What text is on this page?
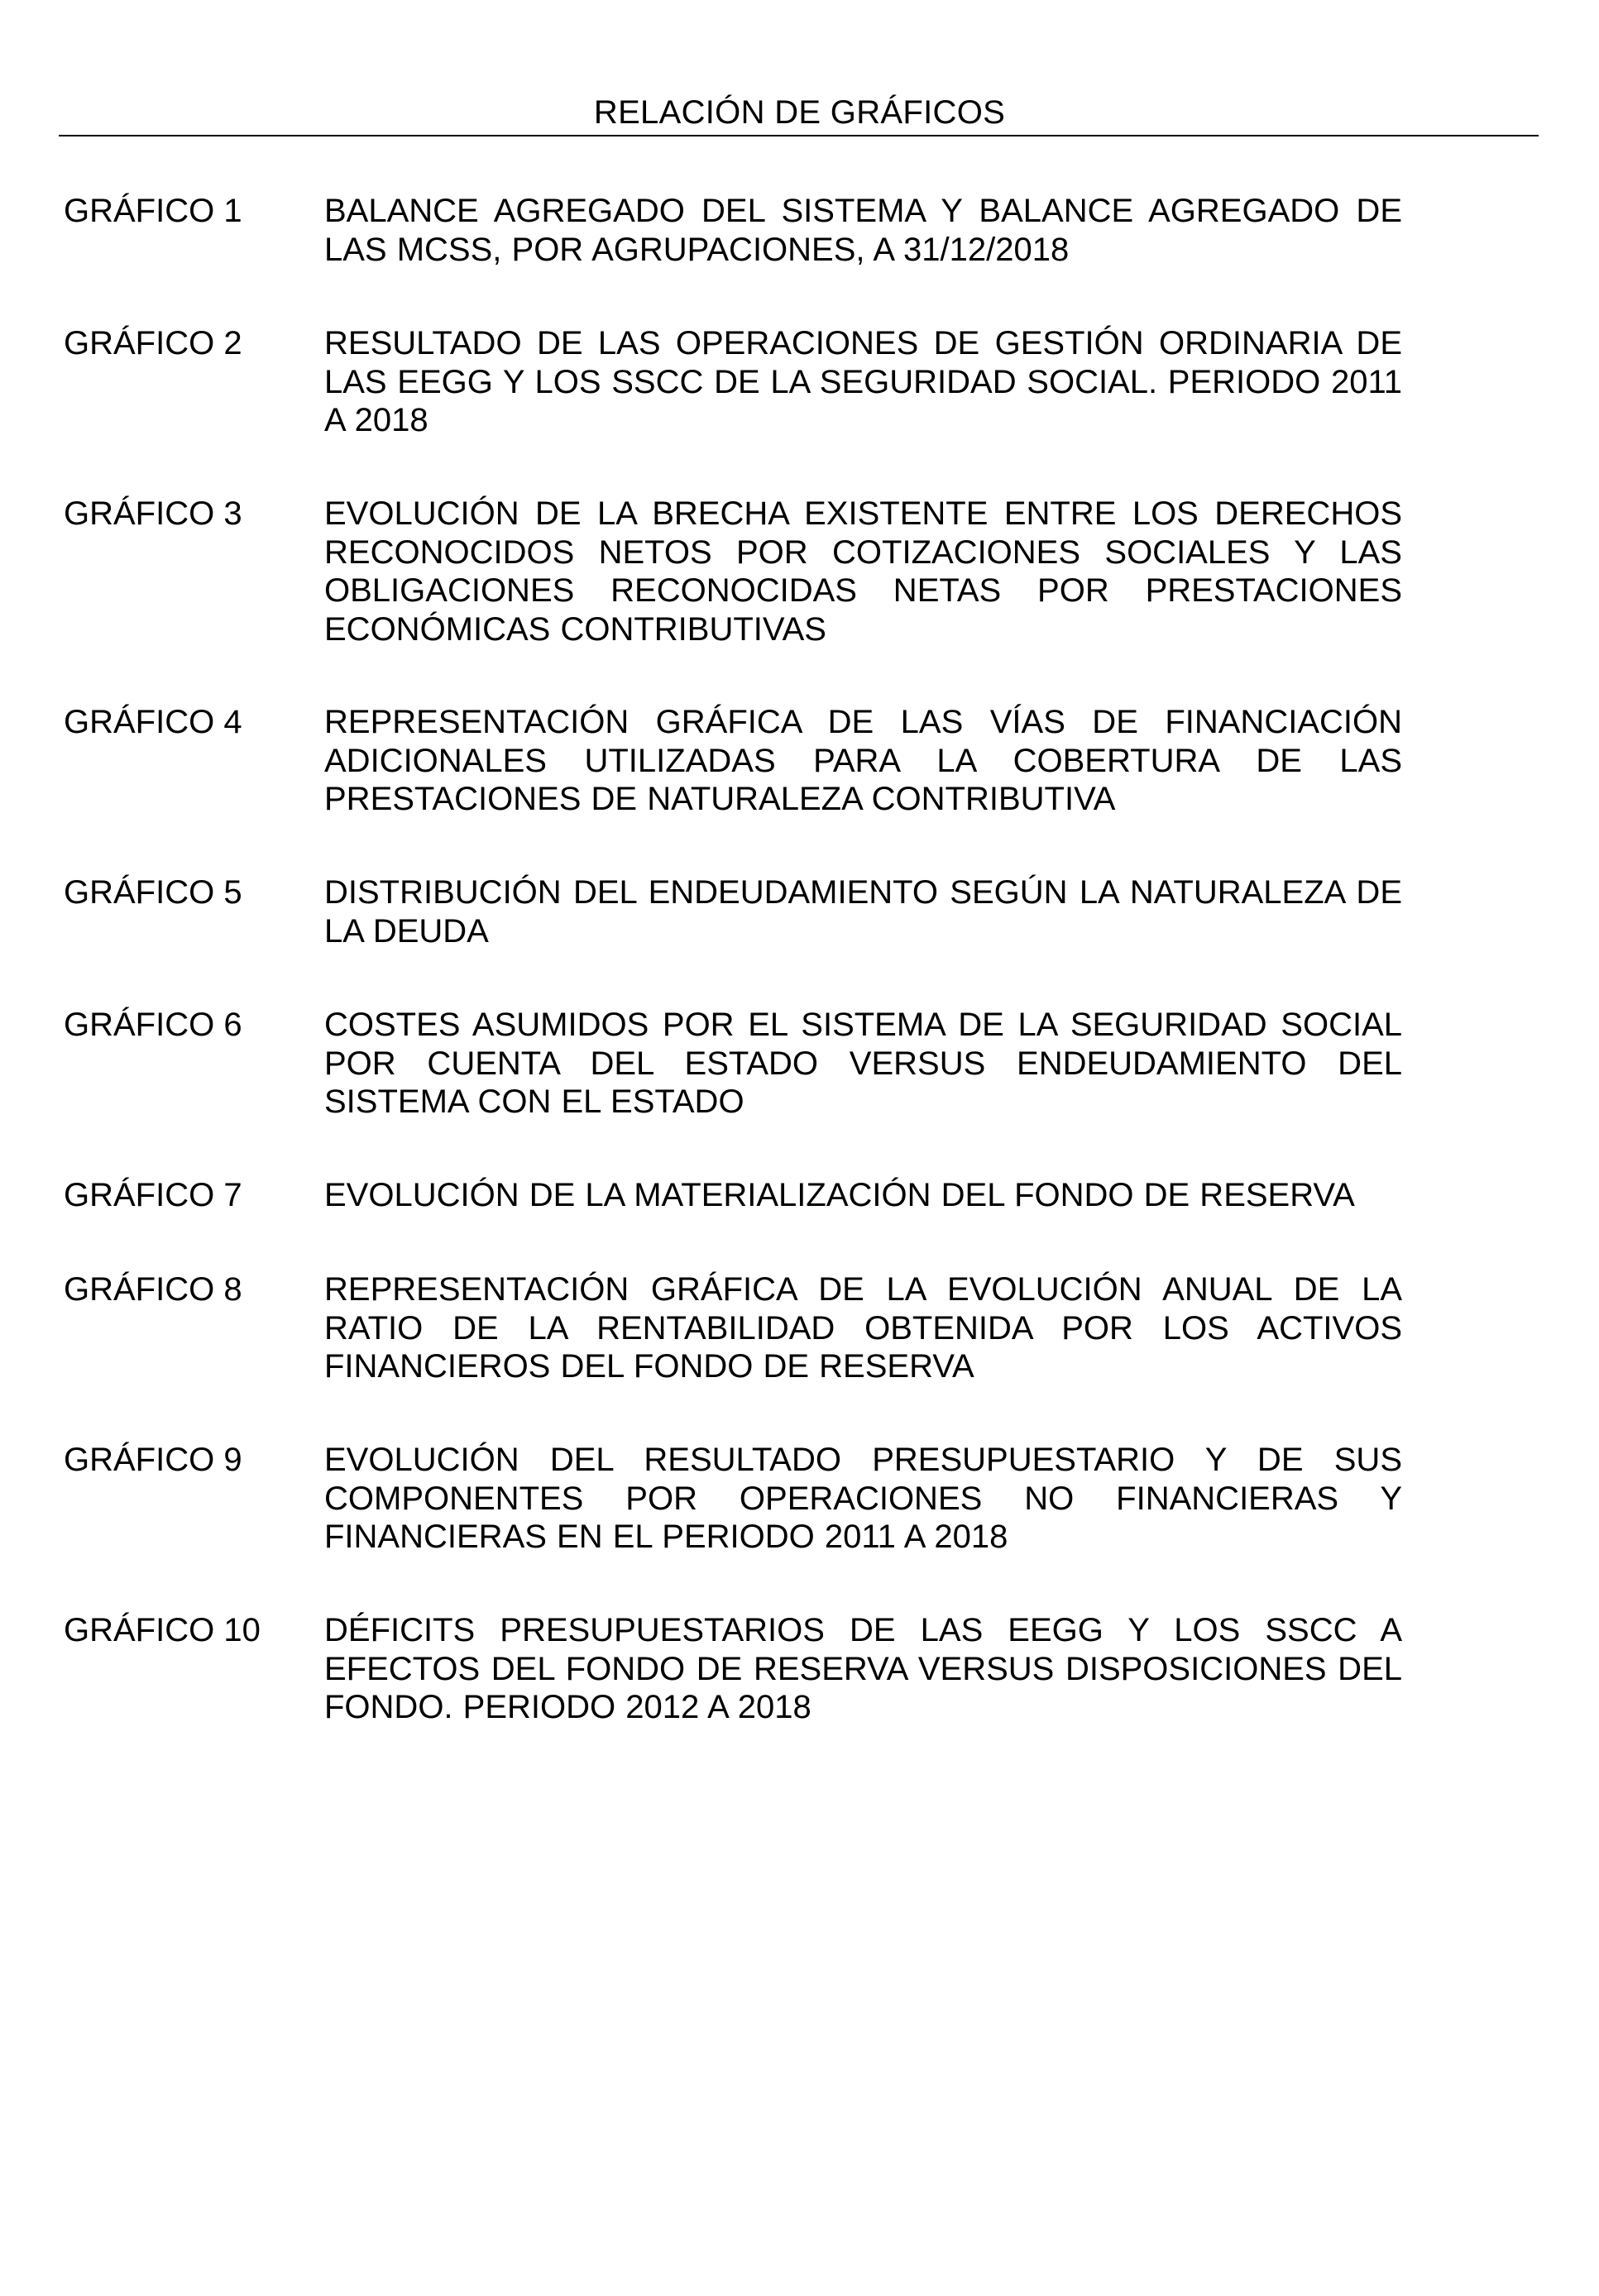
RELACIÓN DE GRÁFICOS
GRÁFICO 1 BALANCE AGREGADO DEL SISTEMA Y BALANCE AGREGADO DE LAS MCSS, POR AGRUPACIONES, A 31/12/2018
GRÁFICO 2 RESULTADO DE LAS OPERACIONES DE GESTIÓN ORDINARIA DE LAS EEGG Y LOS SSCC DE LA SEGURIDAD SOCIAL. PERIODO 2011 A 2018
GRÁFICO 3 EVOLUCIÓN DE LA BRECHA EXISTENTE ENTRE LOS DERECHOS RECONOCIDOS NETOS POR COTIZACIONES SOCIALES Y LAS OBLIGACIONES RECONOCIDAS NETAS POR PRESTACIONES ECONÓMICAS CONTRIBUTIVAS
GRÁFICO 4 REPRESENTACIÓN GRÁFICA DE LAS VÍAS DE FINANCIACIÓN ADICIONALES UTILIZADAS PARA LA COBERTURA DE LAS PRESTACIONES DE NATURALEZA CONTRIBUTIVA
GRÁFICO 5 DISTRIBUCIÓN DEL ENDEUDAMIENTO SEGÚN LA NATURALEZA DE LA DEUDA
GRÁFICO 6 COSTES ASUMIDOS POR EL SISTEMA DE LA SEGURIDAD SOCIAL POR CUENTA DEL ESTADO VERSUS ENDEUDAMIENTO DEL SISTEMA CON EL ESTADO
GRÁFICO 7 EVOLUCIÓN DE LA MATERIALIZACIÓN DEL FONDO DE RESERVA
GRÁFICO 8 REPRESENTACIÓN GRÁFICA DE LA EVOLUCIÓN ANUAL DE LA RATIO DE LA RENTABILIDAD OBTENIDA POR LOS ACTIVOS FINANCIEROS DEL FONDO DE RESERVA
GRÁFICO 9 EVOLUCIÓN DEL RESULTADO PRESUPUESTARIO Y DE SUS COMPONENTES POR OPERACIONES NO FINANCIERAS Y FINANCIERAS EN EL PERIODO 2011 A 2018
GRÁFICO 10 DÉFICITS PRESUPUESTARIOS DE LAS EEGG Y LOS SSCC A EFECTOS DEL FONDO DE RESERVA VERSUS DISPOSICIONES DEL FONDO. PERIODO 2012 A 2018
